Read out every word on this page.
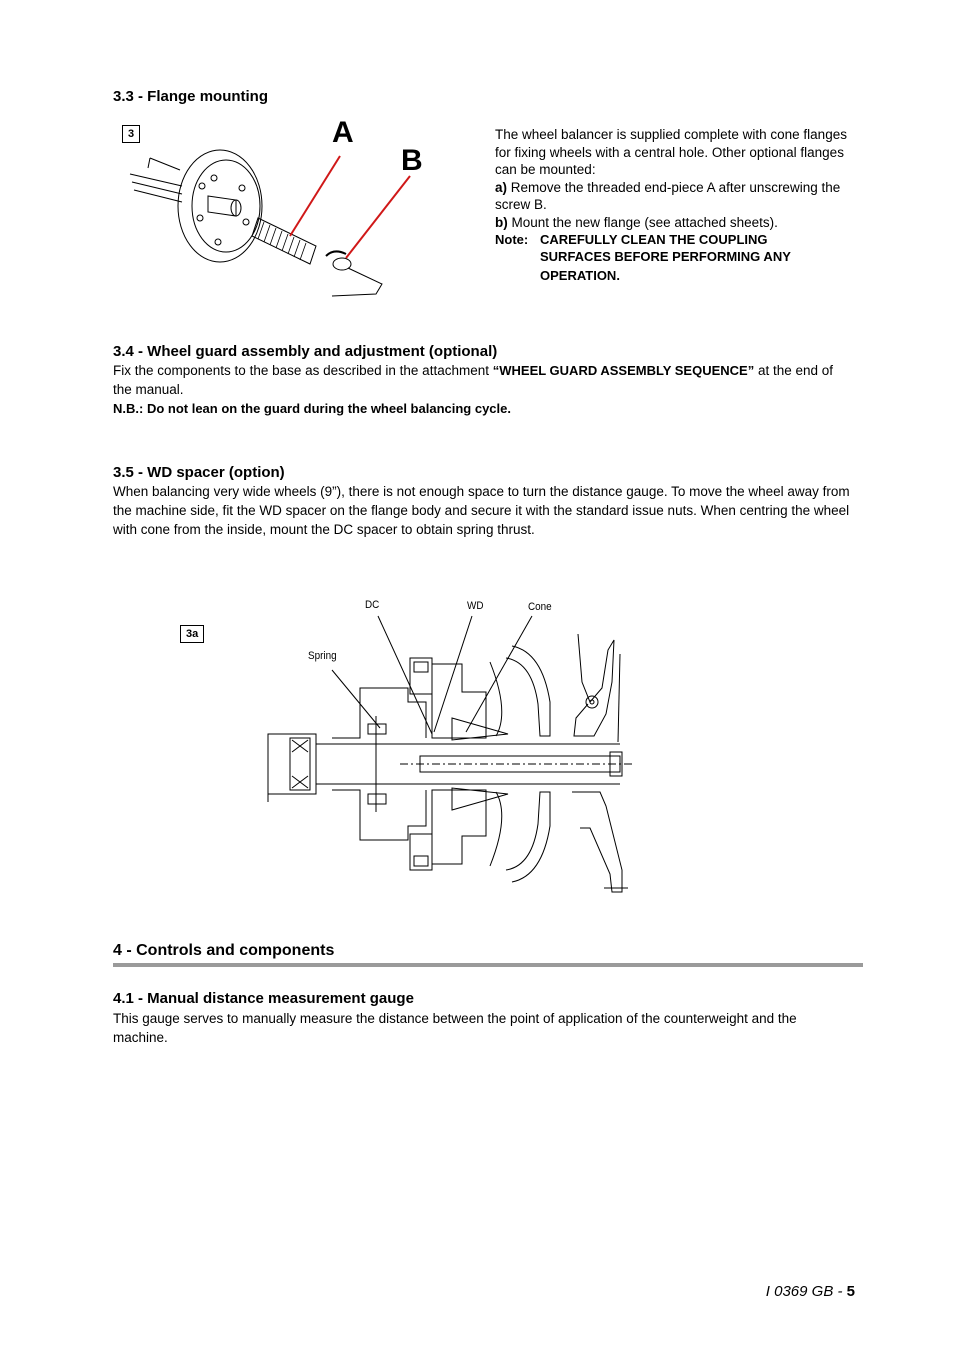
3.3 - Flange mounting
3	A
B
The wheel balancer is supplied complete with cone flanges
for fixing wheels with a central hole. Other optional flanges can be mounted:
a) Remove the threaded end-piece A after unscrewing the screw B.
b) Mount the new flange (see attached sheets).
Note: CAREFULLY CLEAN THE COUPLING
SURFACES BEFORE PERFORMING ANY
OPERATION.
3.4 - Wheel guard assembly and adjustment (optional)

Fix the components to the base as described in the attachment “WHEEL GUARD ASSEMBLY SEQUENCE” at the end of the manual.

N.B.: Do not lean on the guard during the wheel balancing cycle.

3.5 - WD spacer (option)

When balancing very wide wheels (9”), there is not enough space to turn the distance gauge. To move the wheel away from the machine side, fit the WD spacer on the flange body and secure it with the standard issue nuts. When centring the wheel with cone from the inside, mount the DC spacer to obtain spring thrust.

3a
DC	WD	Cone
Spring
4 - Controls and components
4.1 - Manual distance measurement gauge

This gauge serves to manually measure the distance between the point of application of the counterweight and the machine.

I 0369 GB - 5
